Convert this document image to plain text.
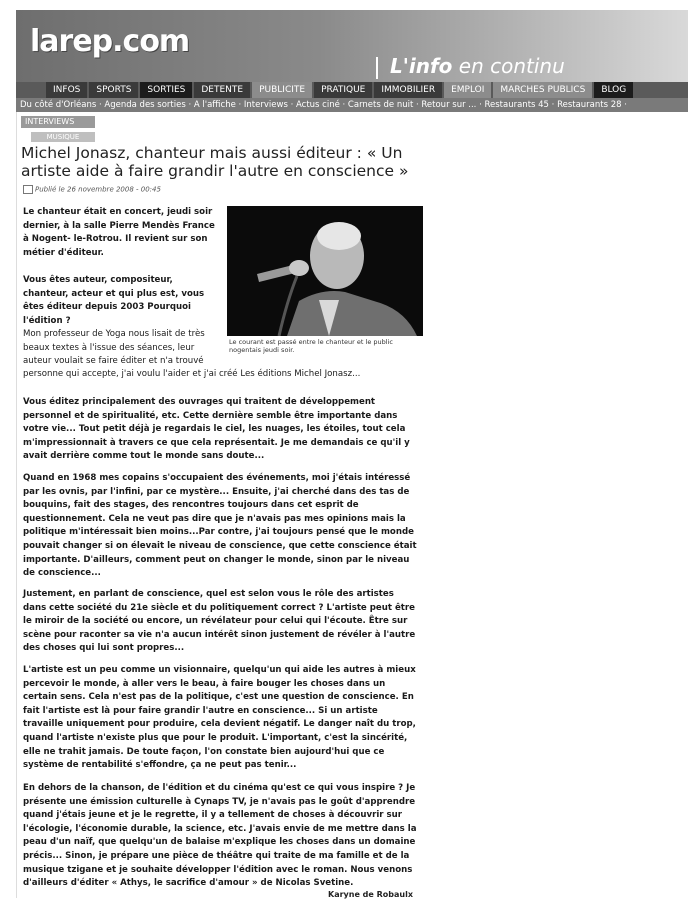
larep.com
L'info en continu
INFOS	SPORTS	SORTIES	DETENTE	PUBLICITE	PRATIQUE	IMMOBILIER	EMPLOI	MARCHES PUBLICS	BLOG
Du côté d'Orléans · Agenda des sorties · A l'affiche · Interviews · Actus ciné · Carnets de nuit · Retour sur ... · Restaurants 45 · Restaurants 28 ·
INTERVIEWS
MUSIQUE
Michel Jonasz, chanteur mais aussi éditeur : « Un artiste aide à faire grandir l'autre en conscience »
Publié le 26 novembre 2008 - 00:45
Le courant est passé entre le chanteur et le public nogentais jeudi soir.
Le chanteur était en concert, jeudi soir dernier, à la salle Pierre Mendès France à Nogent- le-Rotrou. Il revient sur son métier d'éditeur.
Vous êtes auteur, compositeur, chanteur, acteur et qui plus est, vous êtes éditeur depuis 2003 Pourquoi l'édition ?
Mon professeur de Yoga nous lisait de très beaux textes à l'issue des séances, leur auteur voulait se faire éditer et n'a trouvé
personne qui accepte, j'ai voulu l'aider et j'ai créé Les éditions Michel Jonasz...
Vous éditez principalement des ouvrages qui traitent de développement personnel et de spiritualité, etc. Cette dernière semble être importante dans votre vie... Tout petit déjà je regardais le ciel, les nuages, les étoiles, tout cela m'impressionnait à travers ce que cela représentait. Je me demandais ce qu'il y avait derrière comme tout le monde sans doute...
Quand en 1968 mes copains s'occupaient des événements, moi j'étais intéressé par les ovnis, par l'infini, par ce mystère... Ensuite, j'ai cherché dans des tas de bouquins, fait des stages, des rencontres toujours dans cet esprit de questionnement. Cela ne veut pas dire que je n'avais pas mes opinions mais la politique m'intéressait bien moins...Par contre, j'ai toujours pensé que le monde pouvait changer si on élevait le niveau de conscience, que cette conscience était importante. D'ailleurs, comment peut on changer le monde, sinon par le niveau de conscience...
Justement, en parlant de conscience, quel est selon vous le rôle des artistes dans cette société du 21e siècle et du politiquement correct ? L'artiste peut être le miroir de la société ou encore, un révélateur pour celui qui l'écoute. Être sur scène pour raconter sa vie n'a aucun intérêt sinon justement de révéler à l'autre des choses qui lui sont propres...
L'artiste est un peu comme un visionnaire, quelqu'un qui aide les autres à mieux percevoir le monde, à aller vers le beau, à faire bouger les choses dans un certain sens. Cela n'est pas de la politique, c'est une question de conscience. En fait l'artiste est là pour faire grandir l'autre en conscience... Si un artiste travaille uniquement pour produire, cela devient négatif. Le danger naît du trop, quand l'artiste n'existe plus que pour le produit. L'important, c'est la sincérité, elle ne trahit jamais. De toute façon, l'on constate bien aujourd'hui que ce système de rentabilité s'effondre, ça ne peut pas tenir...
En dehors de la chanson, de l'édition et du cinéma qu'est ce qui vous inspire ? Je présente une émission culturelle à Cynaps TV, je n'avais pas le goût d'apprendre quand j'étais jeune et je le regrette, il y a tellement de choses à découvrir sur l'écologie, l'économie durable, la science, etc. J'avais envie de me mettre dans la peau d'un naïf, que quelqu'un de balaise m'explique les choses dans un domaine précis... Sinon, je prépare une pièce de théâtre qui traite de ma famille et de la musique tzigane et je souhaite développer l'édition avec le roman. Nous venons d'ailleurs d'éditer « Athys, le sacrifice d'amour » de Nicolas Svetine.
Karyne de Robaulx
